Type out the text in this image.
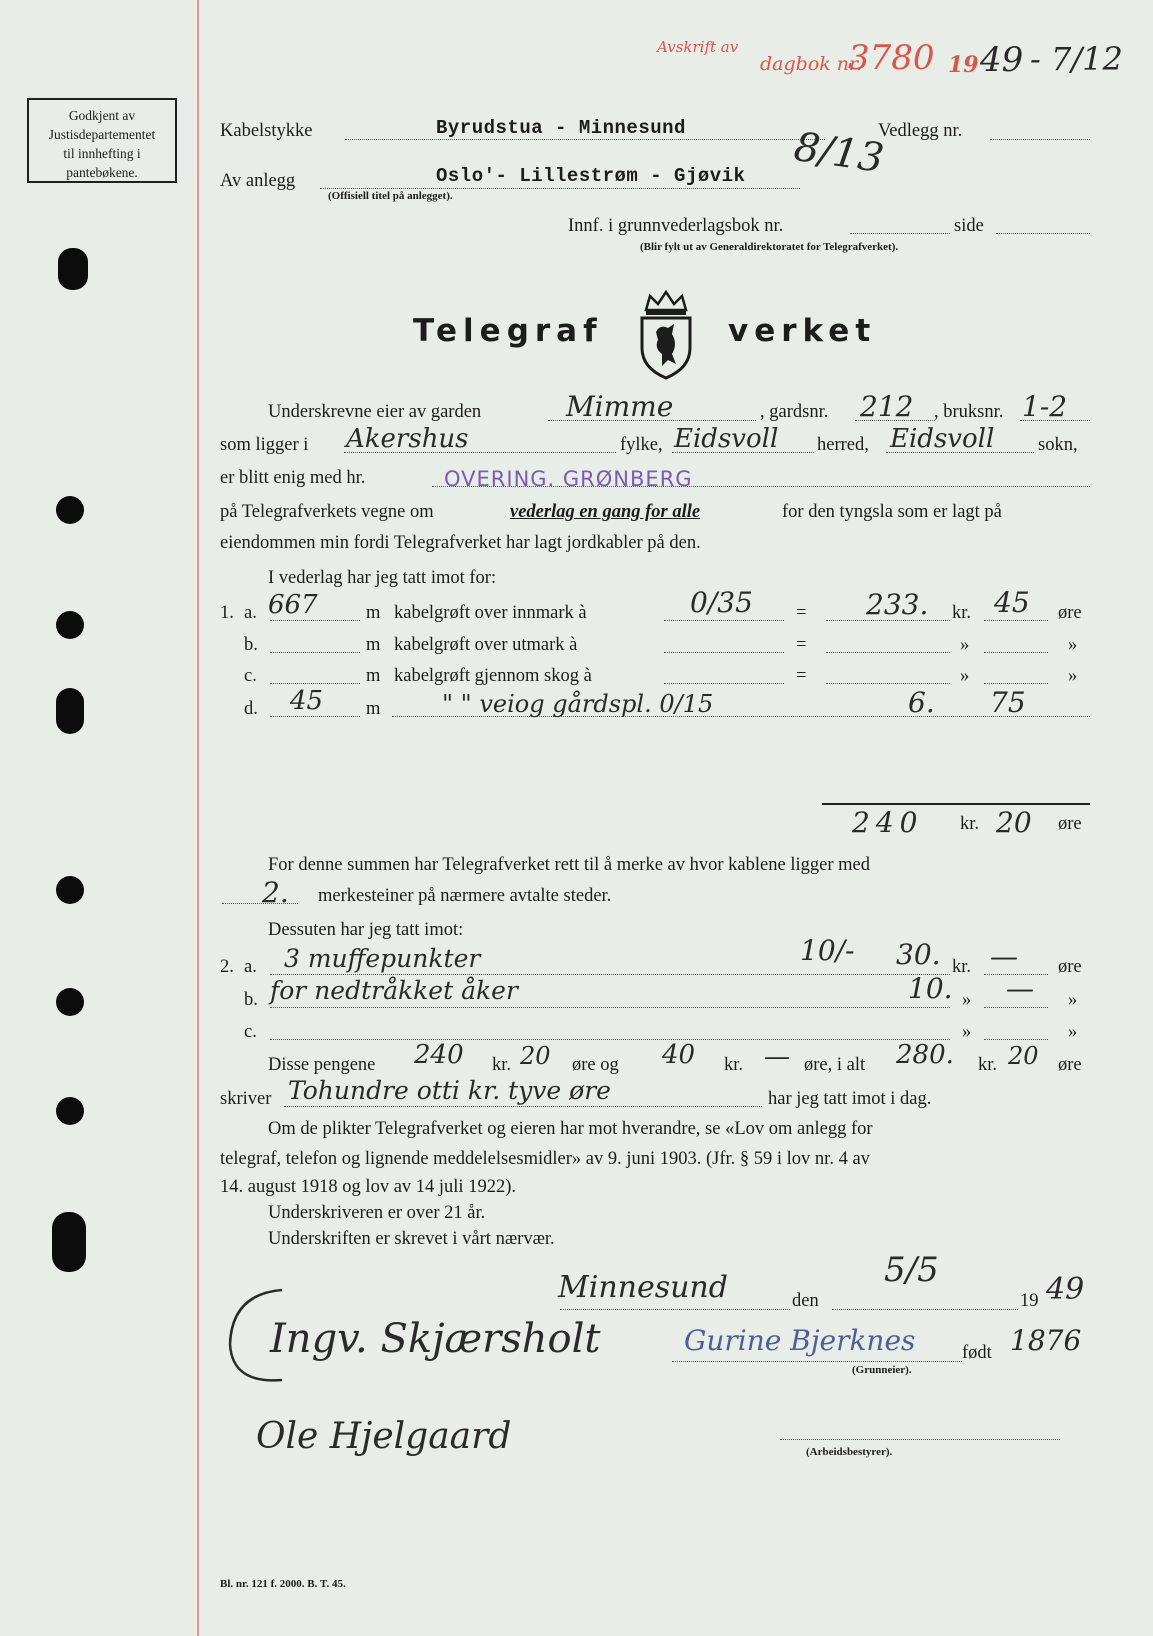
Avskrift av
dagbok nr.
3780 19 49 - 7/12
Godkjent av
Justisdepartementet
til innhefting i
pantebøkene.
Kabelstykke	Byrudstua - Minnesund	8/13
Vedlegg nr.
Av anlegg	Oslo'- Lillestrøm - Gjøvik
(Offisiell titel på anlegget).
Innf. i grunnvederlagsbok nr.	side
(Blir fylt ut av Generaldirektoratet for Telegrafverket).
Telegraf	verket
Underskrevne eier av garden	Mimme	, gardsnr. 212 , bruksnr. 1-2
som ligger i Akershus	fylke, Eidsvoll herred, Eidsvoll sokn,
er blitt enig med hr.	OVERING. GRØNBERG
på Telegrafverkets vegne om	vederlag en gang for alle	for den tyngsla som er lagt på
eiendommen min fordi Telegrafverket har lagt jordkabler på den.
I vederlag har jeg tatt imot for:
1. a. 667	m kabelgrøft over innmark à	0/35 = 233. kr. 45 øre
b.	m kabelgrøft over utmark à	=	»	»
c.	m kabelgrøft gjennom skog à	=	»	»
d. 45 m	" " veiog gårdspl. 0/15	6. 75
240 kr. 20 øre
For denne summen har Telegrafverket rett til å merke av hvor kablene ligger med
2. merkesteiner på nærmere avtalte steder.
Dessuten har jeg tatt imot:
2. a. 3 muffepunkter	10/- 30. kr. — øre
b. for nedtråkket åker	10. » — »
c.	»	»
Disse pengene 240 kr. 20 øre og 40 kr. — øre, i alt 280. kr. 20 øre
skriver Tohundre otti kr. tyve øre	har jeg tatt imot i dag.
Om de plikter Telegrafverket og eieren har mot hverandre, se «Lov om anlegg for
telegraf, telefon og lignende meddelelsesmidler» av 9. juni 1903. (Jfr. § 59 i lov nr. 4 av
14. august 1918 og lov av 14 juli 1922).
Underskriveren er over 21 år.
Underskriften er skrevet i vårt nærvær.
Minnesund	den
5/5
19 49
Gurine Bjerknes	født 1876
(Grunneier).
Ingv. Skjærsholt
Ole Hjelgaard	(Arbeidsbestyrer).
Bl. nr. 121 f. 2000. B. T. 45.
